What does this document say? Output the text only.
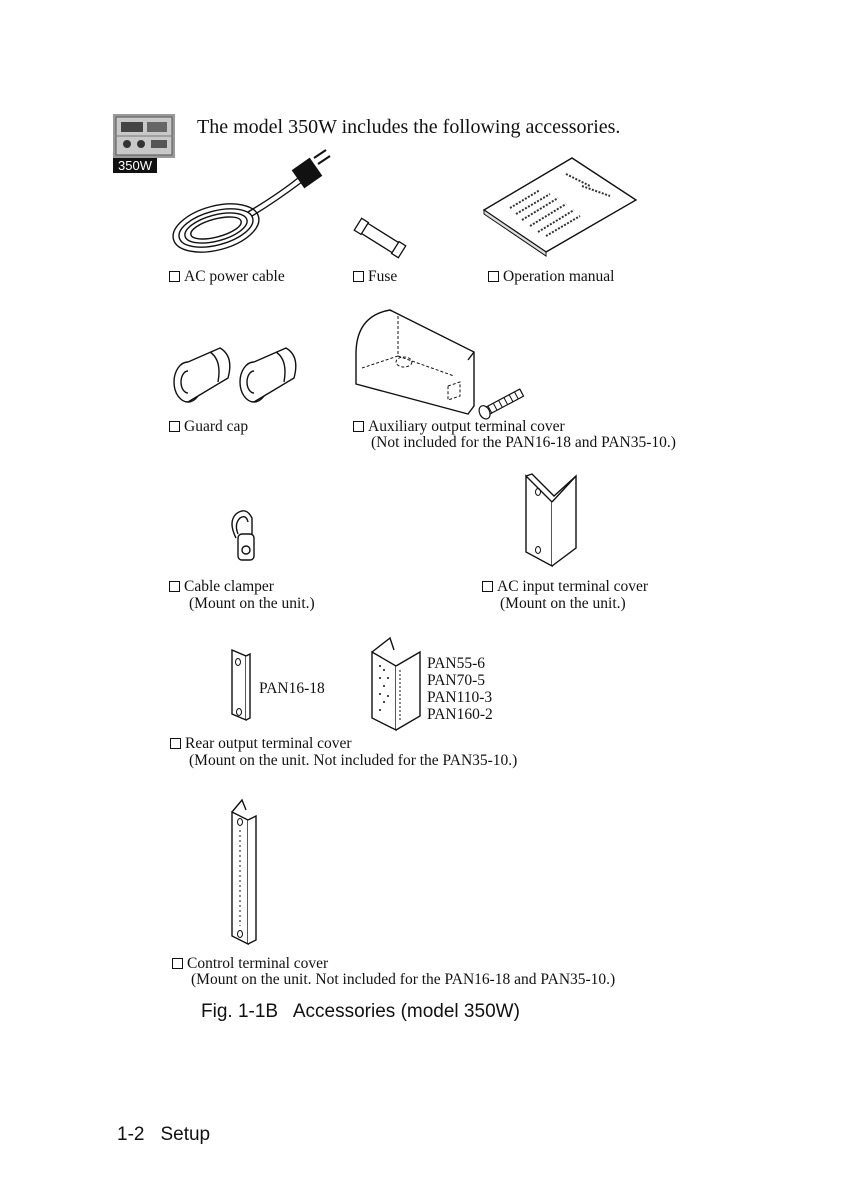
350W
The model 350W includes the following accessories.
AC power cable	Fuse	Operation manual
Guard cap	Auxiliary output terminal cover
(Not included for the PAN16-18 and PAN35-10.)
Cable clamper
(Mount on the unit.)
AC input terminal cover
(Mount on the unit.)
PAN16-18
PAN55-6
PAN70-5
PAN110-3
PAN160-2
Rear output terminal cover
(Mount on the unit. Not included for the PAN35-10.)
Control terminal cover
(Mount on the unit. Not included for the PAN16-18 and PAN35-10.)
Fig. 1-1B   Accessories (model 350W)
1-2 Setup
